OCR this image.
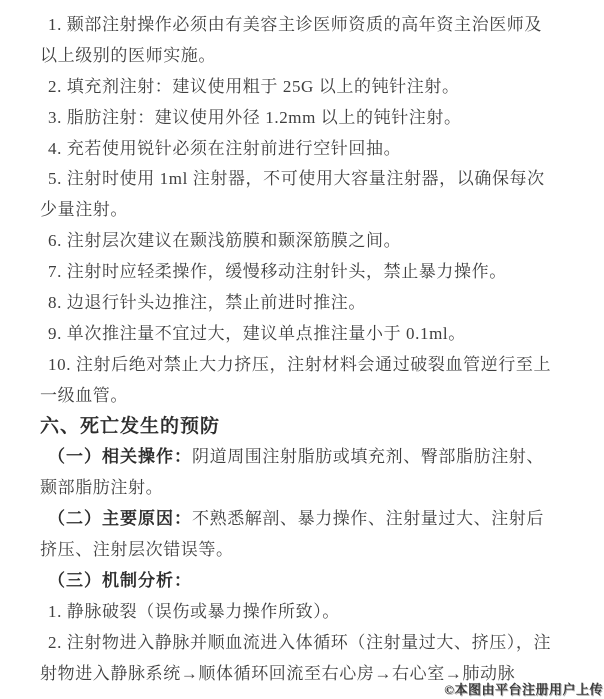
1. 颞部注射操作必须由有美容主诊医师资质的高年资主治医师及
以上级别的医师实施。
2. 填充剂注射：建议使用粗于 25G 以上的钝针注射。
3. 脂肪注射：建议使用外径 1.2mm 以上的钝针注射。
4. 充若使用锐针必须在注射前进行空针回抽。
5. 注射时使用 1ml 注射器，不可使用大容量注射器，以确保每次
少量注射。
6. 注射层次建议在颞浅筋膜和颞深筋膜之间。
7. 注射时应轻柔操作，缓慢移动注射针头，禁止暴力操作。
8. 边退行针头边推注，禁止前进时推注。
9. 单次推注量不宜过大，建议单点推注量小于 0.1ml。
10. 注射后绝对禁止大力挤压，注射材料会通过破裂血管逆行至上
一级血管。
六、死亡发生的预防
（一）相关操作：阴道周围注射脂肪或填充剂、臀部脂肪注射、
颞部脂肪注射。
（二）主要原因：不熟悉解剖、暴力操作、注射量过大、注射后
挤压、注射层次错误等。
（三）机制分析：
1. 静脉破裂（误伤或暴力操作所致）。
2. 注射物进入静脉并顺血流进入体循环（注射量过大、挤压），注
射物进入静脉系统→顺体循环回流至右心房→右心室→肺动脉
©本图由平台注册用户上传
